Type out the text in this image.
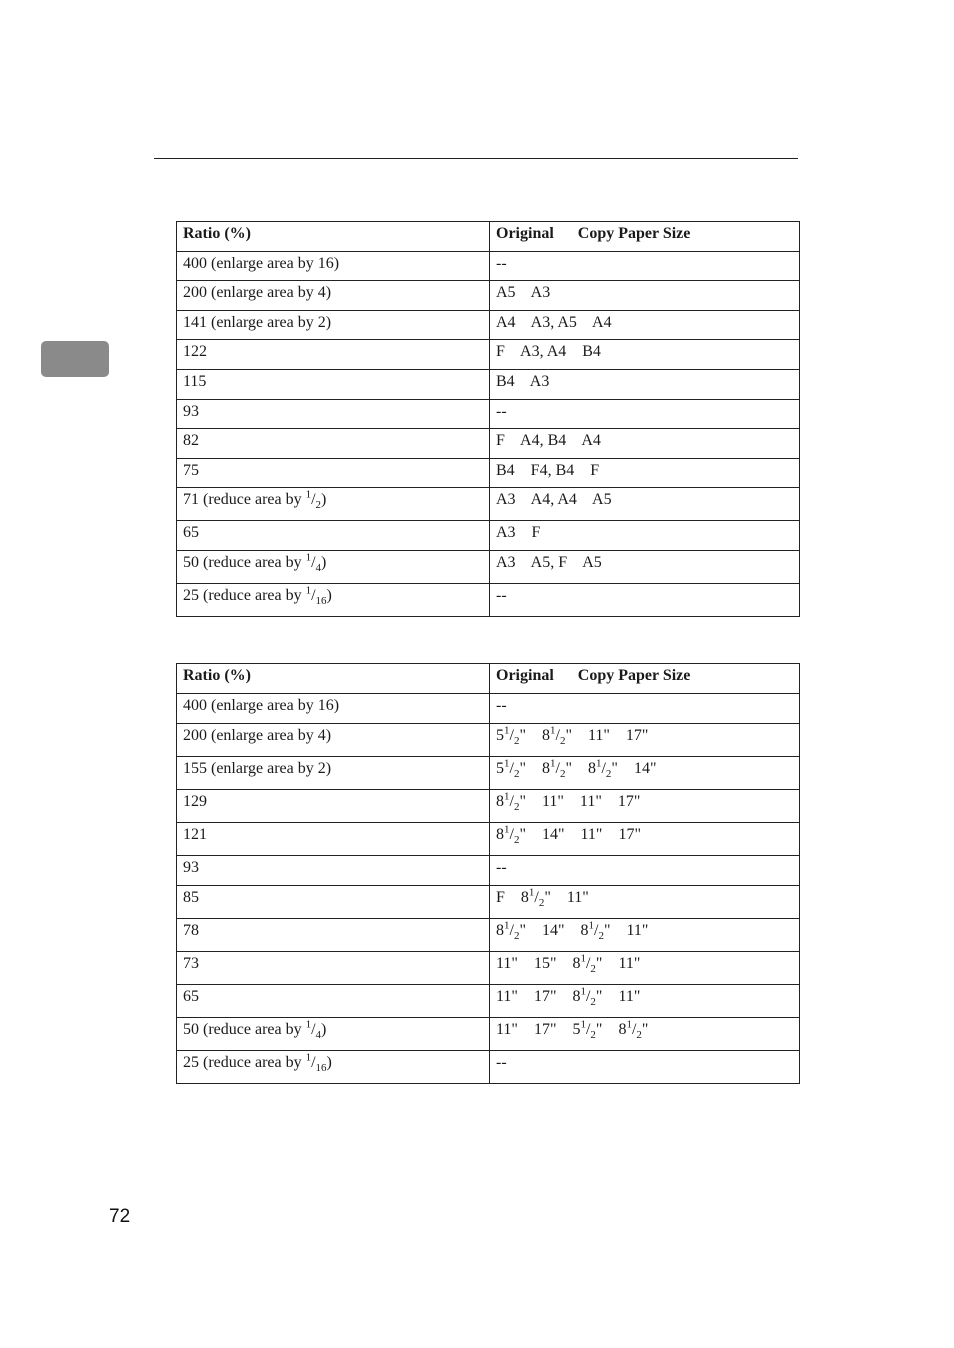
Ratio (%)	Original Copy Paper Size
400 (enlarge area by 16)	--
200 (enlarge area by 4)	A5    A3
141 (enlarge area by 2)	A4    A3, A5    A4
122	F    A3, A4    B4
115	B4    A3
93	--
82	F    A4, B4    A4
75	B4    F4, B4    F
71 (reduce area by $^1/_2$)	A3    A4, A4    A5
65	A3    F
50 (reduce area by $^1/_4$)	A3    A5, F    A5
25 (reduce area by $^1/_{16}$)	--
Ratio (%)	Original Copy Paper Size
400 (enlarge area by 16)	--
200 (enlarge area by 4)	$5^1/_2$" $8^1/_2$" 11" 17"
155 (enlarge area by 2)	$5^1/_2$" $8^1/_2$" $8^1/_2$" 14"
129	$8^1/_2$" 11" 11" 17"
121	$8^1/_2$" 14" 11" 17"
93	--
85	F $8^1/_2$" 11"
78	$8^1/_2$" 14" $8^1/_2$" 11"
73	11" 15" $8^1/_2$" 11"
65	11" 17" $8^1/_2$" 11"
50 (reduce area by $^1/_4$)	11" 17" $5^1/_2$" $8^1/_2$"
25 (reduce area by $^1/_{16}$)	--
72
